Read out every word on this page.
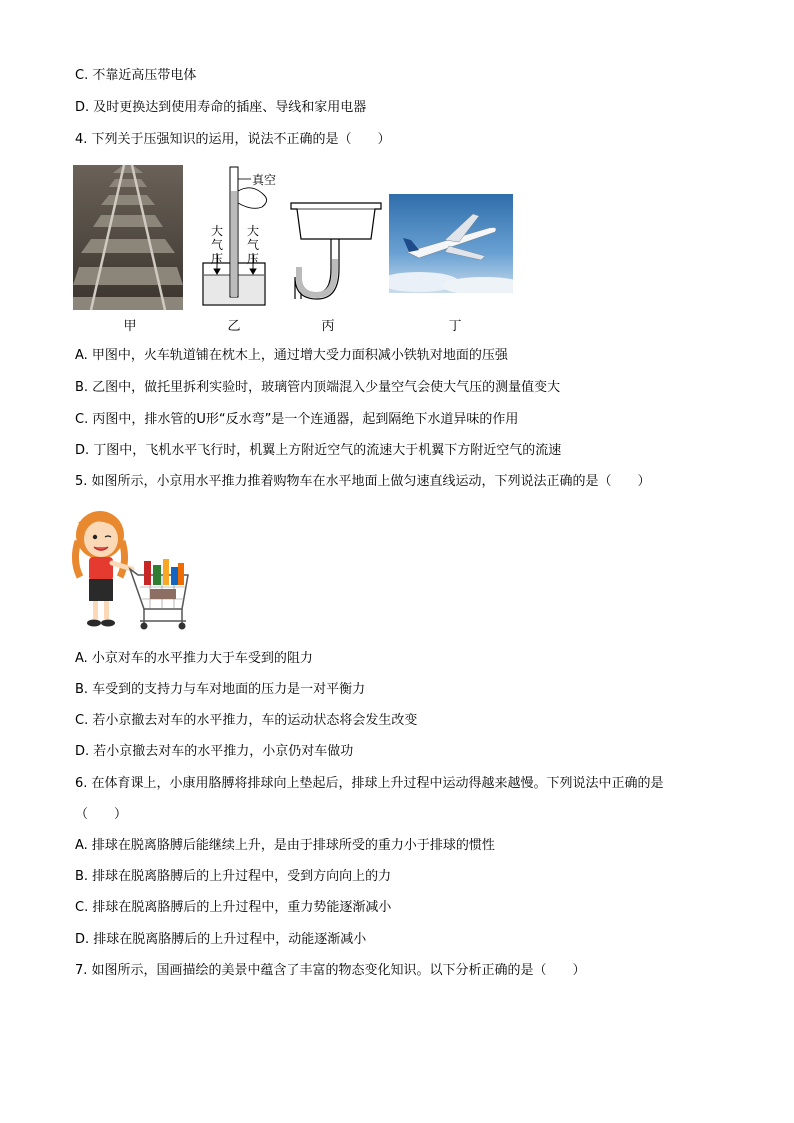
C. 不靠近高压带电体
D. 及时更换达到使用寿命的插座、导线和家用电器
4. 下列关于压强知识的运用，说法不正确的是（　　）
真空
大
气
压
大
气
压
甲	乙	丙	丁
A. 甲图中，火车轨道铺在枕木上，通过增大受力面积减小铁轨对地面的压强
B. 乙图中，做托里拆利实验时，玻璃管内顶端混入少量空气会使大气压的测量值变大
C. 丙图中，排水管的U形“反水弯”是一个连通器，起到隔绝下水道异味的作用
D. 丁图中，飞机水平飞行时，机翼上方附近空气的流速大于机翼下方附近空气的流速
5. 如图所示，小京用水平推力推着购物车在水平地面上做匀速直线运动，下列说法正确的是（　　）
A. 小京对车的水平推力大于车受到的阻力
B. 车受到的支持力与车对地面的压力是一对平衡力
C. 若小京撤去对车的水平推力，车的运动状态将会发生改变
D. 若小京撤去对车的水平推力，小京仍对车做功
6. 在体育课上，小康用胳膊将排球向上垫起后，排球上升过程中运动得越来越慢。下列说法中正确的是
（　　）
A. 排球在脱离胳膊后能继续上升，是由于排球所受的重力小于排球的惯性
B. 排球在脱离胳膊后的上升过程中，受到方向向上的力
C. 排球在脱离胳膊后的上升过程中，重力势能逐渐减小
D. 排球在脱离胳膊后的上升过程中，动能逐渐减小
7. 如图所示，国画描绘的美景中蕴含了丰富的物态变化知识。以下分析正确的是（　　）
